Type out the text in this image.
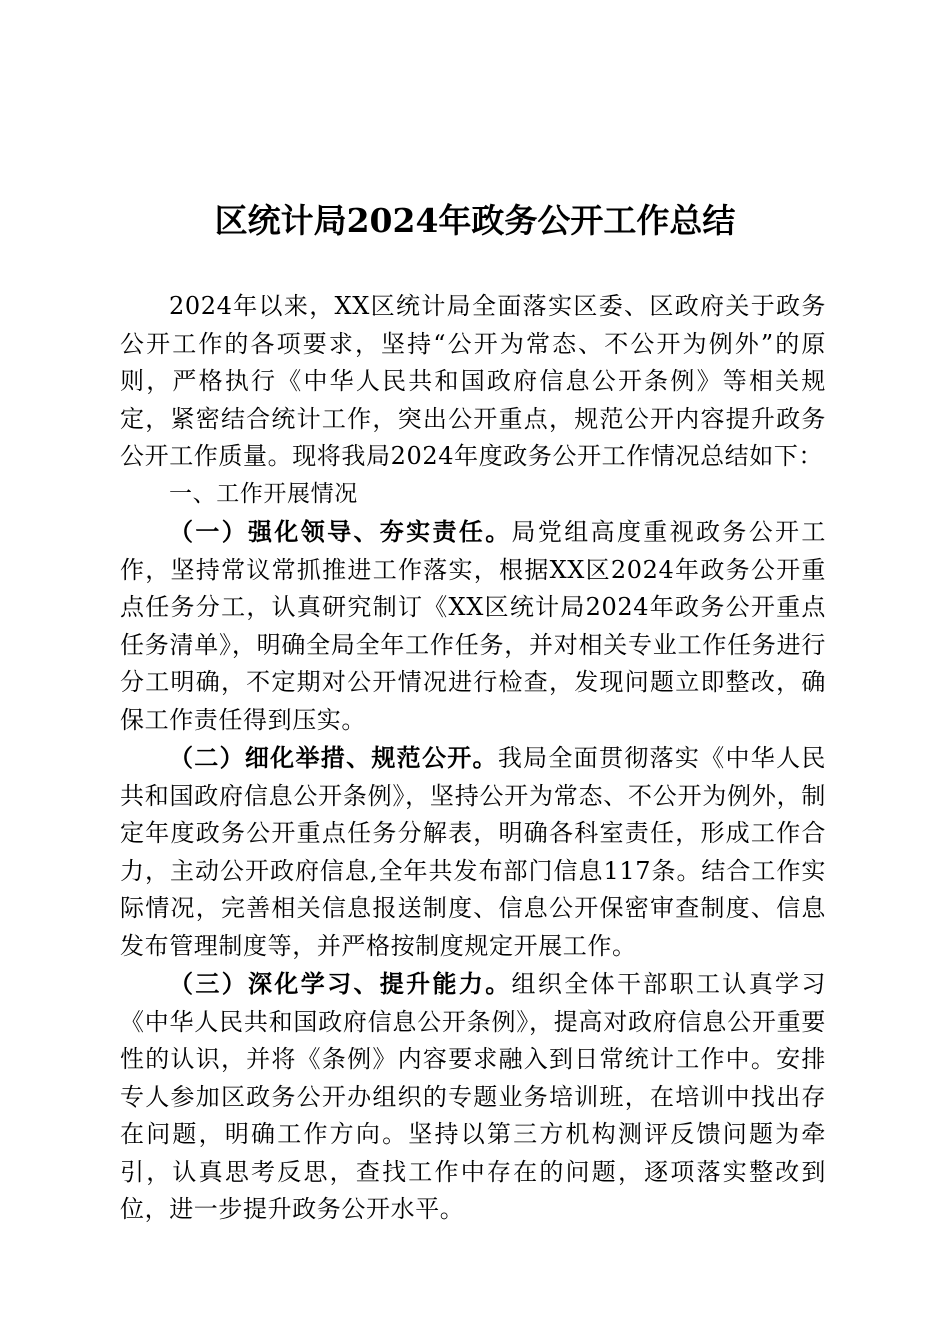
区统计局2024年政务公开工作总结

2024年以来，XX区统计局全面落实区委、区政府关于政务公开工作的各项要求，坚持“公开为常态、不公开为例外”的原则，严格执行《中华人民共和国政府信息公开条例》等相关规定，紧密结合统计工作，突出公开重点，规范公开内容提升政务公开工作质量。现将我局2024年度政务公开工作情况总结如下：

一、工作开展情况

（一）强化领导、夯实责任。局党组高度重视政务公开工作，坚持常议常抓推进工作落实，根据XX区2024年政务公开重点任务分工，认真研究制订《XX区统计局2024年政务公开重点任务清单》，明确全局全年工作任务，并对相关专业工作任务进行分工明确，不定期对公开情况进行检查，发现问题立即整改，确保工作责任得到压实。

（二）细化举措、规范公开。我局全面贯彻落实《中华人民共和国政府信息公开条例》，坚持公开为常态、不公开为例外，制定年度政务公开重点任务分解表，明确各科室责任，形成工作合力，主动公开政府信息,全年共发布部门信息117条。结合工作实际情况，完善相关信息报送制度、信息公开保密审查制度、信息发布管理制度等，并严格按制度规定开展工作。

（三）深化学习、提升能力。组织全体干部职工认真学习《中华人民共和国政府信息公开条例》，提高对政府信息公开重要性的认识，并将《条例》内容要求融入到日常统计工作中。安排专人参加区政务公开办组织的专题业务培训班，在培训中找出存在问题，明确工作方向。坚持以第三方机构测评反馈问题为牵引，认真思考反思，查找工作中存在的问题，逐项落实整改到位，进一步提升政务公开水平。
